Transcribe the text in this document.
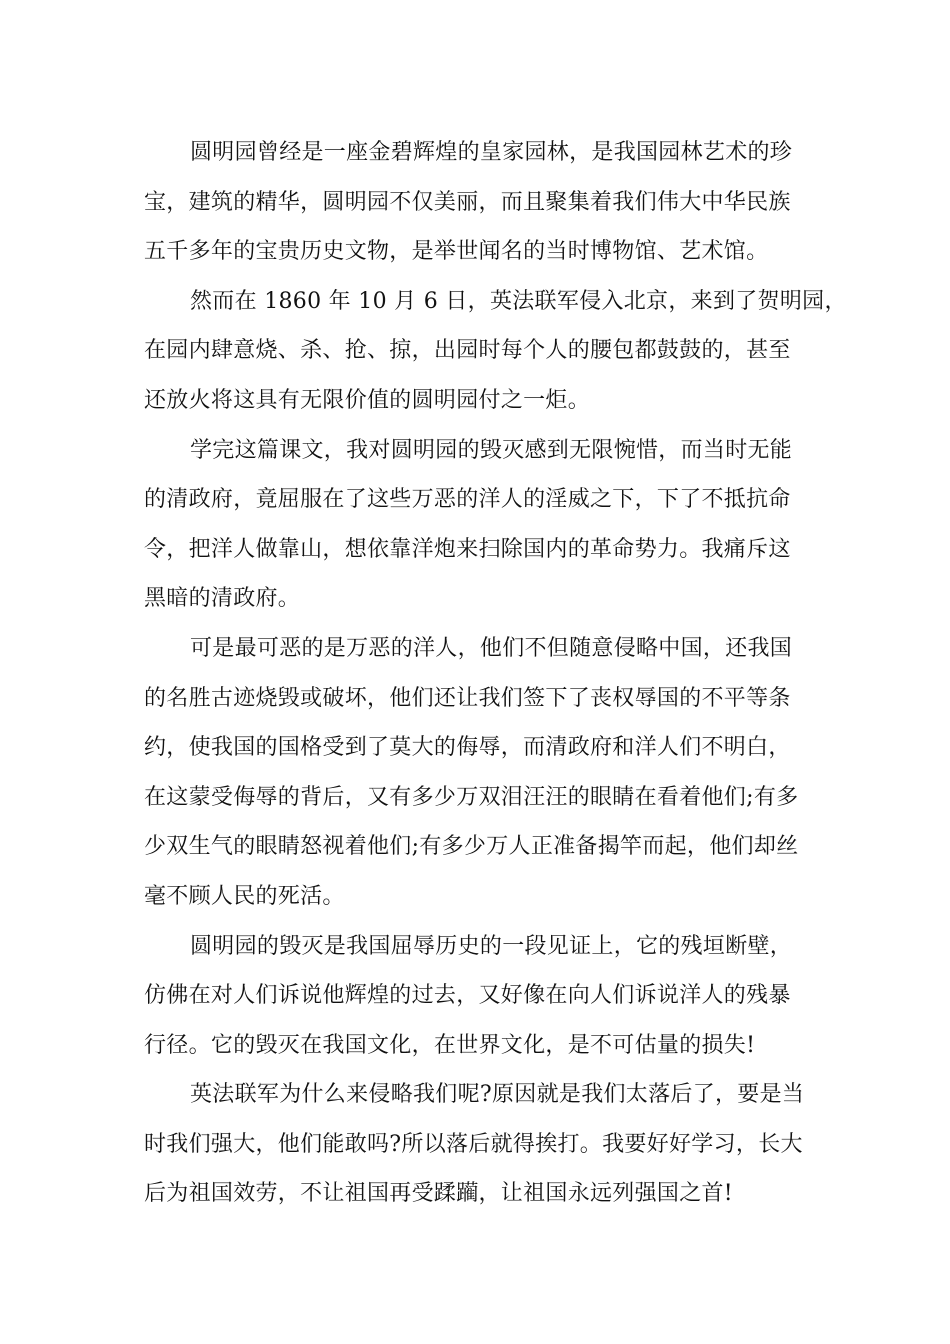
圆明园曾经是一座金碧辉煌的皇家园林，是我国园林艺术的珍
宝，建筑的精华，圆明园不仅美丽，而且聚集着我们伟大中华民族
五千多年的宝贵历史文物，是举世闻名的当时博物馆、艺术馆。
然而在 1860 年 10 月 6 日，英法联军侵入北京，来到了贺明园，
在园内肆意烧、杀、抢、掠，出园时每个人的腰包都鼓鼓的，甚至
还放火将这具有无限价值的圆明园付之一炬。
学完这篇课文，我对圆明园的毁灭感到无限惋惜，而当时无能
的清政府，竟屈服在了这些万恶的洋人的淫威之下，下了不抵抗命
令，把洋人做靠山，想依靠洋炮来扫除国内的革命势力。我痛斥这
黑暗的清政府。
可是最可恶的是万恶的洋人，他们不但随意侵略中国，还我国
的名胜古迹烧毁或破坏，他们还让我们签下了丧权辱国的不平等条
约，使我国的国格受到了莫大的侮辱，而清政府和洋人们不明白，
在这蒙受侮辱的背后，又有多少万双泪汪汪的眼睛在看着他们;有多
少双生气的眼睛怒视着他们;有多少万人正准备揭竿而起，他们却丝
毫不顾人民的死活。
圆明园的毁灭是我国屈辱历史的一段见证上，它的残垣断壁，
仿佛在对人们诉说他辉煌的过去，又好像在向人们诉说洋人的残暴
行径。它的毁灭在我国文化，在世界文化，是不可估量的损失!
英法联军为什么来侵略我们呢?原因就是我们太落后了，要是当
时我们强大，他们能敢吗?所以落后就得挨打。我要好好学习，长大
后为祖国效劳，不让祖国再受蹂躏，让祖国永远列强国之首!
